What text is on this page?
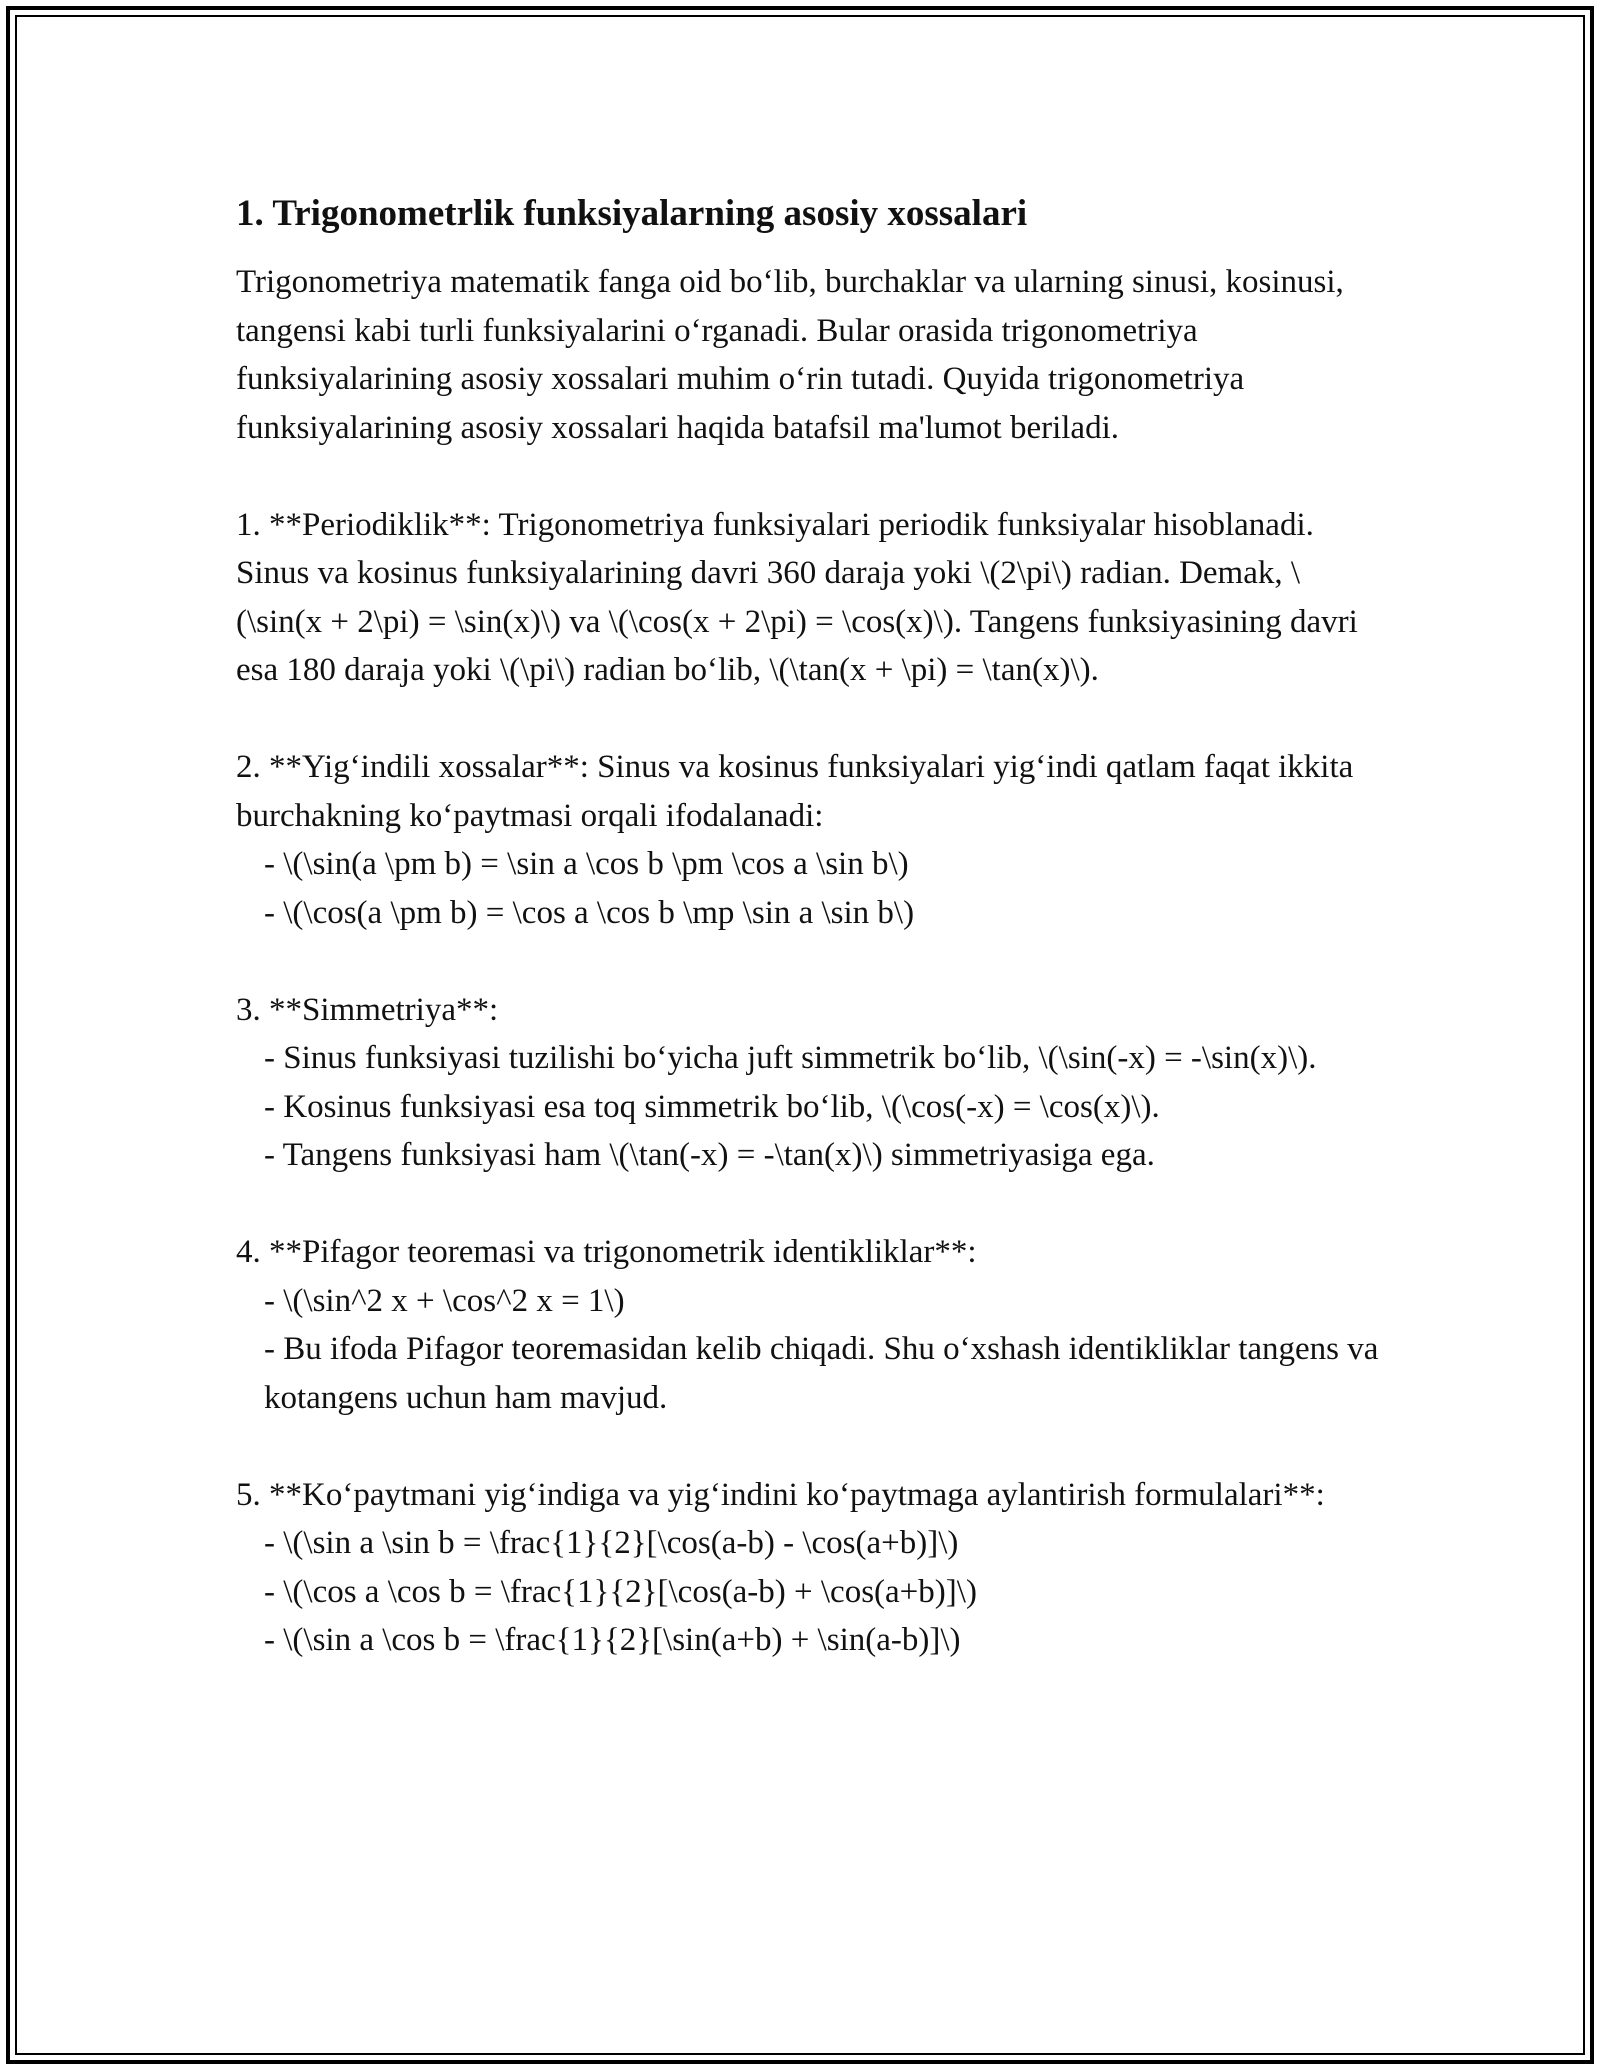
1. Trigonometrlik funksiyalarning asosiy xossalari

Trigonometriya matematik fanga oid bo‘lib, burchaklar va ularning sinusi, kosinusi, tangensi kabi turli funksiyalarini o‘rganadi. Bular orasida trigonometriya funksiyalarining asosiy xossalari muhim o‘rin tutadi. Quyida trigonometriya funksiyalarining asosiy xossalari haqida batafsil ma'lumot beriladi.

1. **Periodiklik**: Trigonometriya funksiyalari periodik funksiyalar hisoblanadi. Sinus va kosinus funksiyalarining davri 360 daraja yoki \(2\pi\) radian. Demak, \(\sin(x + 2\pi) = \sin(x)\) va \(\cos(x + 2\pi) = \cos(x)\). Tangens funksiyasining davri esa 180 daraja yoki \(\pi\) radian bo‘lib, \(\tan(x + \pi) = \tan(x)\).
2. **Yig‘indili xossalar**: Sinus va kosinus funksiyalari yig‘indi qatlam faqat ikkita burchakning ko‘paytmasi orqali ifodalanadi:
- \(\sin(a \pm b) = \sin a \cos b \pm \cos a \sin b\)
- \(\cos(a \pm b) = \cos a \cos b \mp \sin a \sin b\)
3. **Simmetriya**:
- Sinus funksiyasi tuzilishi bo‘yicha juft simmetrik bo‘lib, \(\sin(-x) = -\sin(x)\).
- Kosinus funksiyasi esa toq simmetrik bo‘lib, \(\cos(-x) = \cos(x)\).
- Tangens funksiyasi ham \(\tan(-x) = -\tan(x)\) simmetriyasiga ega.
4. **Pifagor teoremasi va trigonometrik identikliklar**:
- \(\sin^2 x + \cos^2 x = 1\)
- Bu ifoda Pifagor teoremasidan kelib chiqadi. Shu o‘xshash identikliklar tangens va kotangens uchun ham mavjud.
5. **Ko‘paytmani yig‘indiga va yig‘indini ko‘paytmaga aylantirish formulalari**:
- \(\sin a \sin b = \frac{1}{2}[\cos(a-b) - \cos(a+b)]\)
- \(\cos a \cos b = \frac{1}{2}[\cos(a-b) + \cos(a+b)]\)
- \(\sin a \cos b = \frac{1}{2}[\sin(a+b) + \sin(a-b)]\)
